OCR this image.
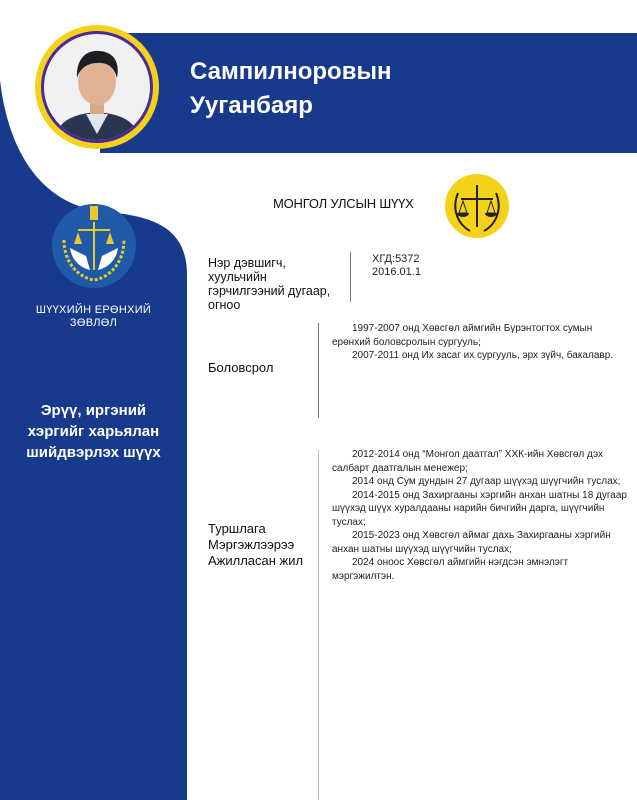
Сампилноровын
Ууганбаяр
МОНГОЛ УЛСЫН ШҮҮХ
ШҮҮХИЙН ЕРӨНХИЙ
ЗӨВЛӨЛ
Эрүү, иргэний
хэргийг харьялан
шийдвэрлэх шүүх
Нэр дэвшигч,
хуульчийн
гэрчилгээний дугаар,
огноо
ХГД:5372
2016.01.1
Боловсрол

1997-2007 онд Хөвсгөл аймгийн Бүрэнтогтох сумын ерөнхий боловсролын сургууль;

2007-2011 онд Их засаг их сургууль, эрх зүйч, бакалавр.

Туршлага
Мэргэжлээрээ
Ажилласан жил

2012-2014 онд “Монгол даатгал” ХХК-ийн Хөвсгөл дэх салбарт даатгалын менежер;

2014 онд Сум дундын 27 дугаар шүүхэд шүүгчийн туслах;

2014-2015 онд Захиргааны хэргийн анхан шатны 18 дугаар шүүхэд шүүх хуралдааны нарийн бичгийн дарга, шүүгчийн туслах;

2015-2023 онд Хөвсгөл аймаг дахь Захиргааны хэргийн анхан шатны шүүхэд шүүгчийн туслах;

2024 оноос Хөвсгөл аймгийн нэгдсэн эмнэлэгт мэргэжилтэн.
